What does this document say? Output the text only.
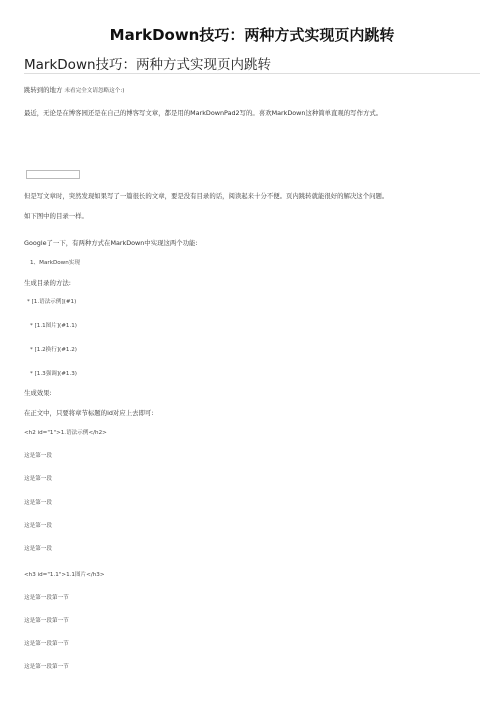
MarkDown技巧：两种方式实现页内跳转
MarkDown技巧：两种方式实现页内跳转
跳转到的地方 未看完全文请忽略这个:)
最近，无论是在博客园还是在自己的博客写文章，都是用的MarkDownPad2写的。喜欢MarkDown这种简单直观的写作方式。
但是写文章时，突然发现如果写了一篇很长的文章，要是没有目录的话，阅读起来十分不便。页内跳转就能很好的解决这个问题。
如下图中的目录一样。
Google了一下，有两种方式在MarkDown中实现这两个功能:
1、MarkDown实现
生成目录的方法:
* [1.语法示例](#1)
* [1.1图片](#1.1)
* [1.2换行](#1.2)
* [1.3强调](#1.3)
生成效果:
在正文中，只要将章节标题的id对应上去即可:
<h2 id="1">1.语法示例</h2>
这是第一段
这是第一段
这是第一段
这是第一段
这是第一段
<h3 id="1.1">1.1图片</h3>
这是第一段第一节
这是第一段第一节
这是第一段第一节
这是第一段第一节
